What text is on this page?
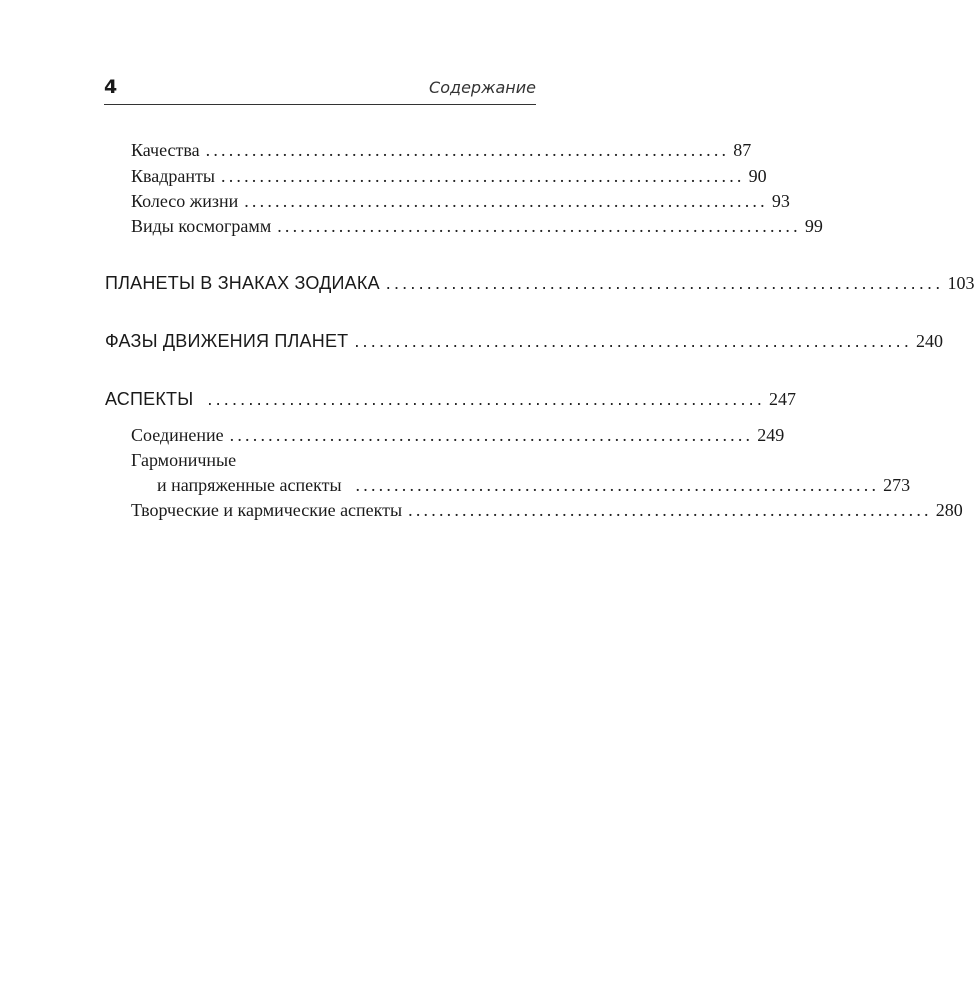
4	Содержание
Качества .................................................................... 87
Квадранты .................................................................... 90
Колесо жизни .................................................................... 93
Виды космограмм .................................................................... 99
ПЛАНЕТЫ В ЗНАКАХ ЗОДИАКА .................................................................... 103
ФАЗЫ ДВИЖЕНИЯ ПЛАНЕТ .................................................................... 240
АСПЕКТЫ .................................................................... 247
Соединение .................................................................... 249
Гармоничные
и напряженные аспекты .................................................................... 273
Творческие и кармические аспекты .................................................................... 280
